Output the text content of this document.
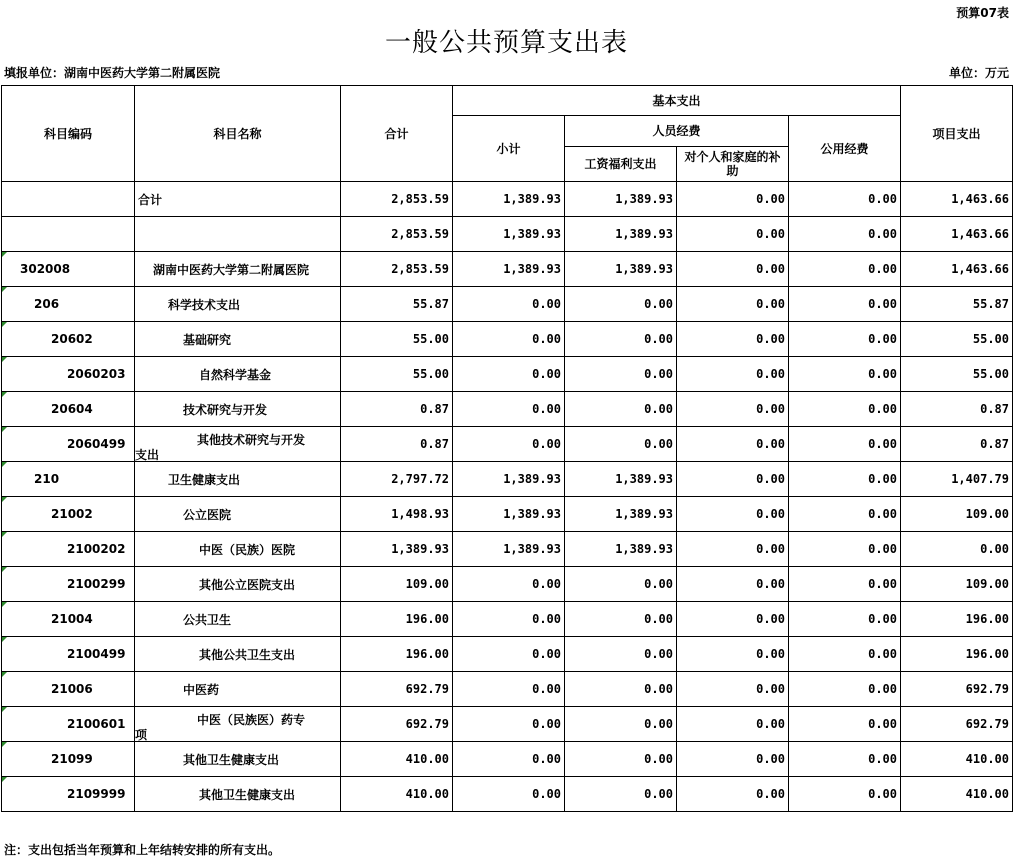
预算07表
一般公共预算支出表
填报单位：湖南中医药大学第二附属医院	单位：万元
科目编码	科目名称	合计	基本支出				项目支出
			小计	人员经费		公用经费	
				工资福利支出	对个人和家庭的补助		
	合计	2,853.59	1,389.93	1,389.93	0.00	0.00	1,463.66
		2,853.59	1,389.93	1,389.93	0.00	0.00	1,463.66

302008	湖南中医药大学第二附属医院	2,853.59	1,389.93	1,389.93	0.00	0.00	1,463.66

206	科学技术支出	55.87	0.00	0.00	0.00	0.00	55.87

20602	基础研究	55.00	0.00	0.00	0.00	0.00	55.00

2060203	自然科学基金	55.00	0.00	0.00	0.00	0.00	55.00

20604	技术研究与开发	0.87	0.00	0.00	0.00	0.00	0.87

2060499	其他技术研究与开发
支出	0.87	0.00	0.00	0.00	0.00	0.87

210	卫生健康支出	2,797.72	1,389.93	1,389.93	0.00	0.00	1,407.79

21002	公立医院	1,498.93	1,389.93	1,389.93	0.00	0.00	109.00

2100202	中医（民族）医院	1,389.93	1,389.93	1,389.93	0.00	0.00	0.00

2100299	其他公立医院支出	109.00	0.00	0.00	0.00	0.00	109.00

21004	公共卫生	196.00	0.00	0.00	0.00	0.00	196.00

2100499	其他公共卫生支出	196.00	0.00	0.00	0.00	0.00	196.00

21006	中医药	692.79	0.00	0.00	0.00	0.00	692.79

2100601	中医（民族医）药专
项	692.79	0.00	0.00	0.00	0.00	692.79

21099	其他卫生健康支出	410.00	0.00	0.00	0.00	0.00	410.00

2109999	其他卫生健康支出	410.00	0.00	0.00	0.00	0.00	410.00
注：支出包括当年预算和上年结转安排的所有支出。
